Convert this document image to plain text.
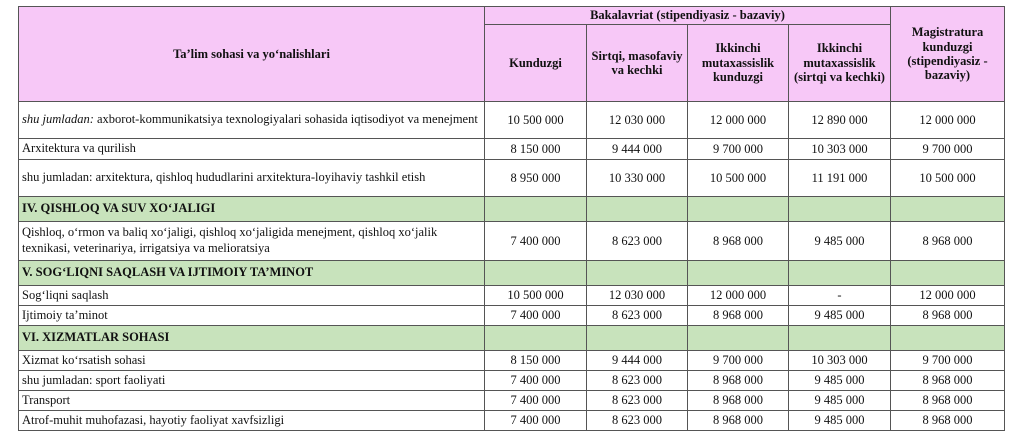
Ta’lim sohasi va yo‘nalishlari	Bakalavriat (stipendiyasiz - bazaviy)				Magistratura kunduzgi (stipendiyasiz - bazaviy)
	Kunduzgi	Sirtqi, masofaviy va kechki	Ikkinchi mutaxassislik kunduzgi	Ikkinchi mutaxassislik (sirtqi va kechki)	
shu jumladan: axborot-kommunikatsiya texnologiyalari sohasida iqtisodiyot va menejment	10 500 000	12 030 000	12 000 000	12 890 000	12 000 000
Arxitektura va qurilish	8 150 000	9 444 000	9 700 000	10 303 000	9 700 000
shu jumladan: arxitektura, qishloq hududlarini arxitektura-loyihaviy tashkil etish	8 950 000	10 330 000	10 500 000	11 191 000	10 500 000
IV. QISHLOQ VA SUV XO‘JALIGI					
Qishloq, o‘rmon va baliq xo‘jaligi, qishloq xo‘jaligida menejment, qishloq xo‘jalik texnikasi, veterinariya, irrigatsiya va melioratsiya	7 400 000	8 623 000	8 968 000	9 485 000	8 968 000
V. SOG‘LIQNI SAQLASH VA IJTIMOIY TA’MINOT					
Sog‘liqni saqlash	10 500 000	12 030 000	12 000 000	-	12 000 000
Ijtimoiy ta’minot	7 400 000	8 623 000	8 968 000	9 485 000	8 968 000
VI. XIZMATLAR SOHASI					
Xizmat ko‘rsatish sohasi	8 150 000	9 444 000	9 700 000	10 303 000	9 700 000
shu jumladan: sport faoliyati	7 400 000	8 623 000	8 968 000	9 485 000	8 968 000
Transport	7 400 000	8 623 000	8 968 000	9 485 000	8 968 000
Atrof-muhit muhofazasi, hayotiy faoliyat xavfsizligi	7 400 000	8 623 000	8 968 000	9 485 000	8 968 000
